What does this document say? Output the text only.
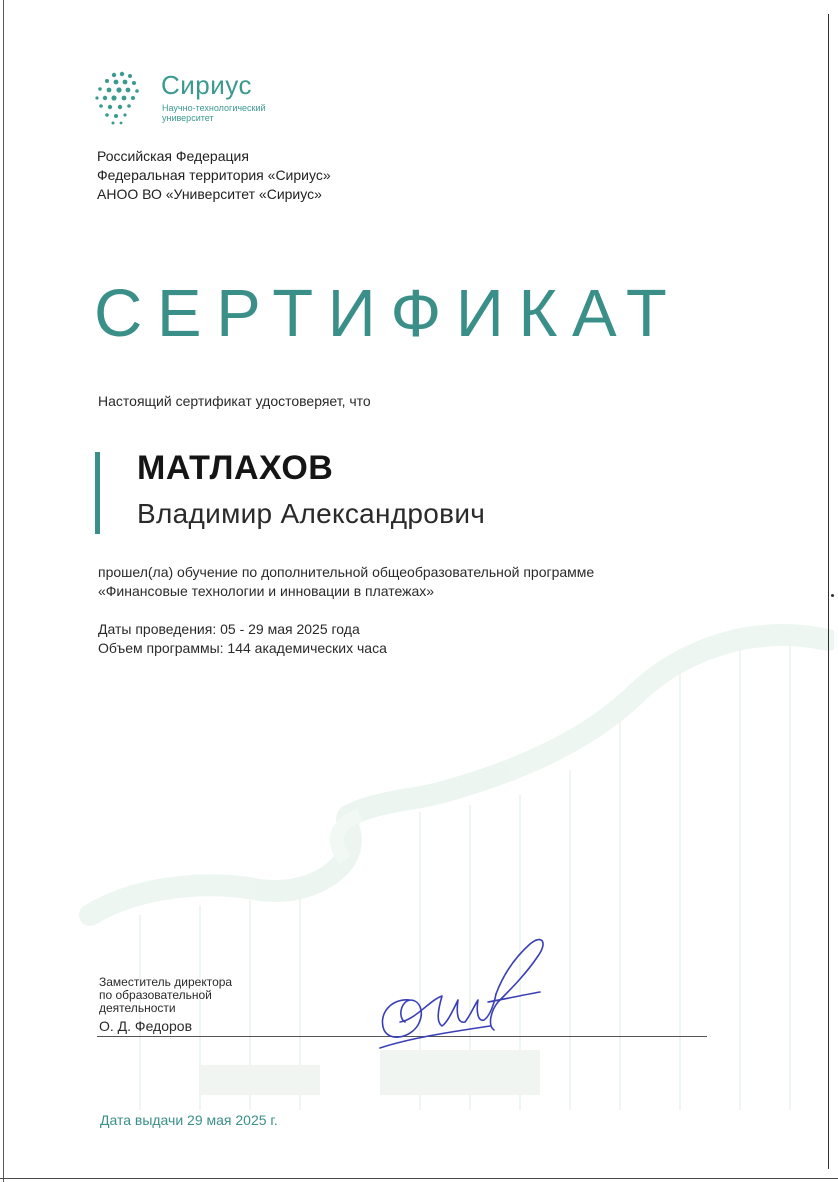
Сириус
Научно-технологический
университет
Российская Федерация
Федеральная территория «Сириус»
АНОО ВО «Университет «Сириус»
СЕРТИФИКАТ
Настоящий сертификат удостоверяет, что
МАТЛАХОВ
Владимир Александрович
прошел(ла) обучение по дополнительной общеобразовательной программе
«Финансовые технологии и инновации в платежах»
Даты проведения: 05 - 29 мая 2025 года
Объем программы: 144 академических часа
Заместитель директора
по образовательной
деятельности
О. Д. Федоров
Дата выдачи 29 мая 2025 г.
